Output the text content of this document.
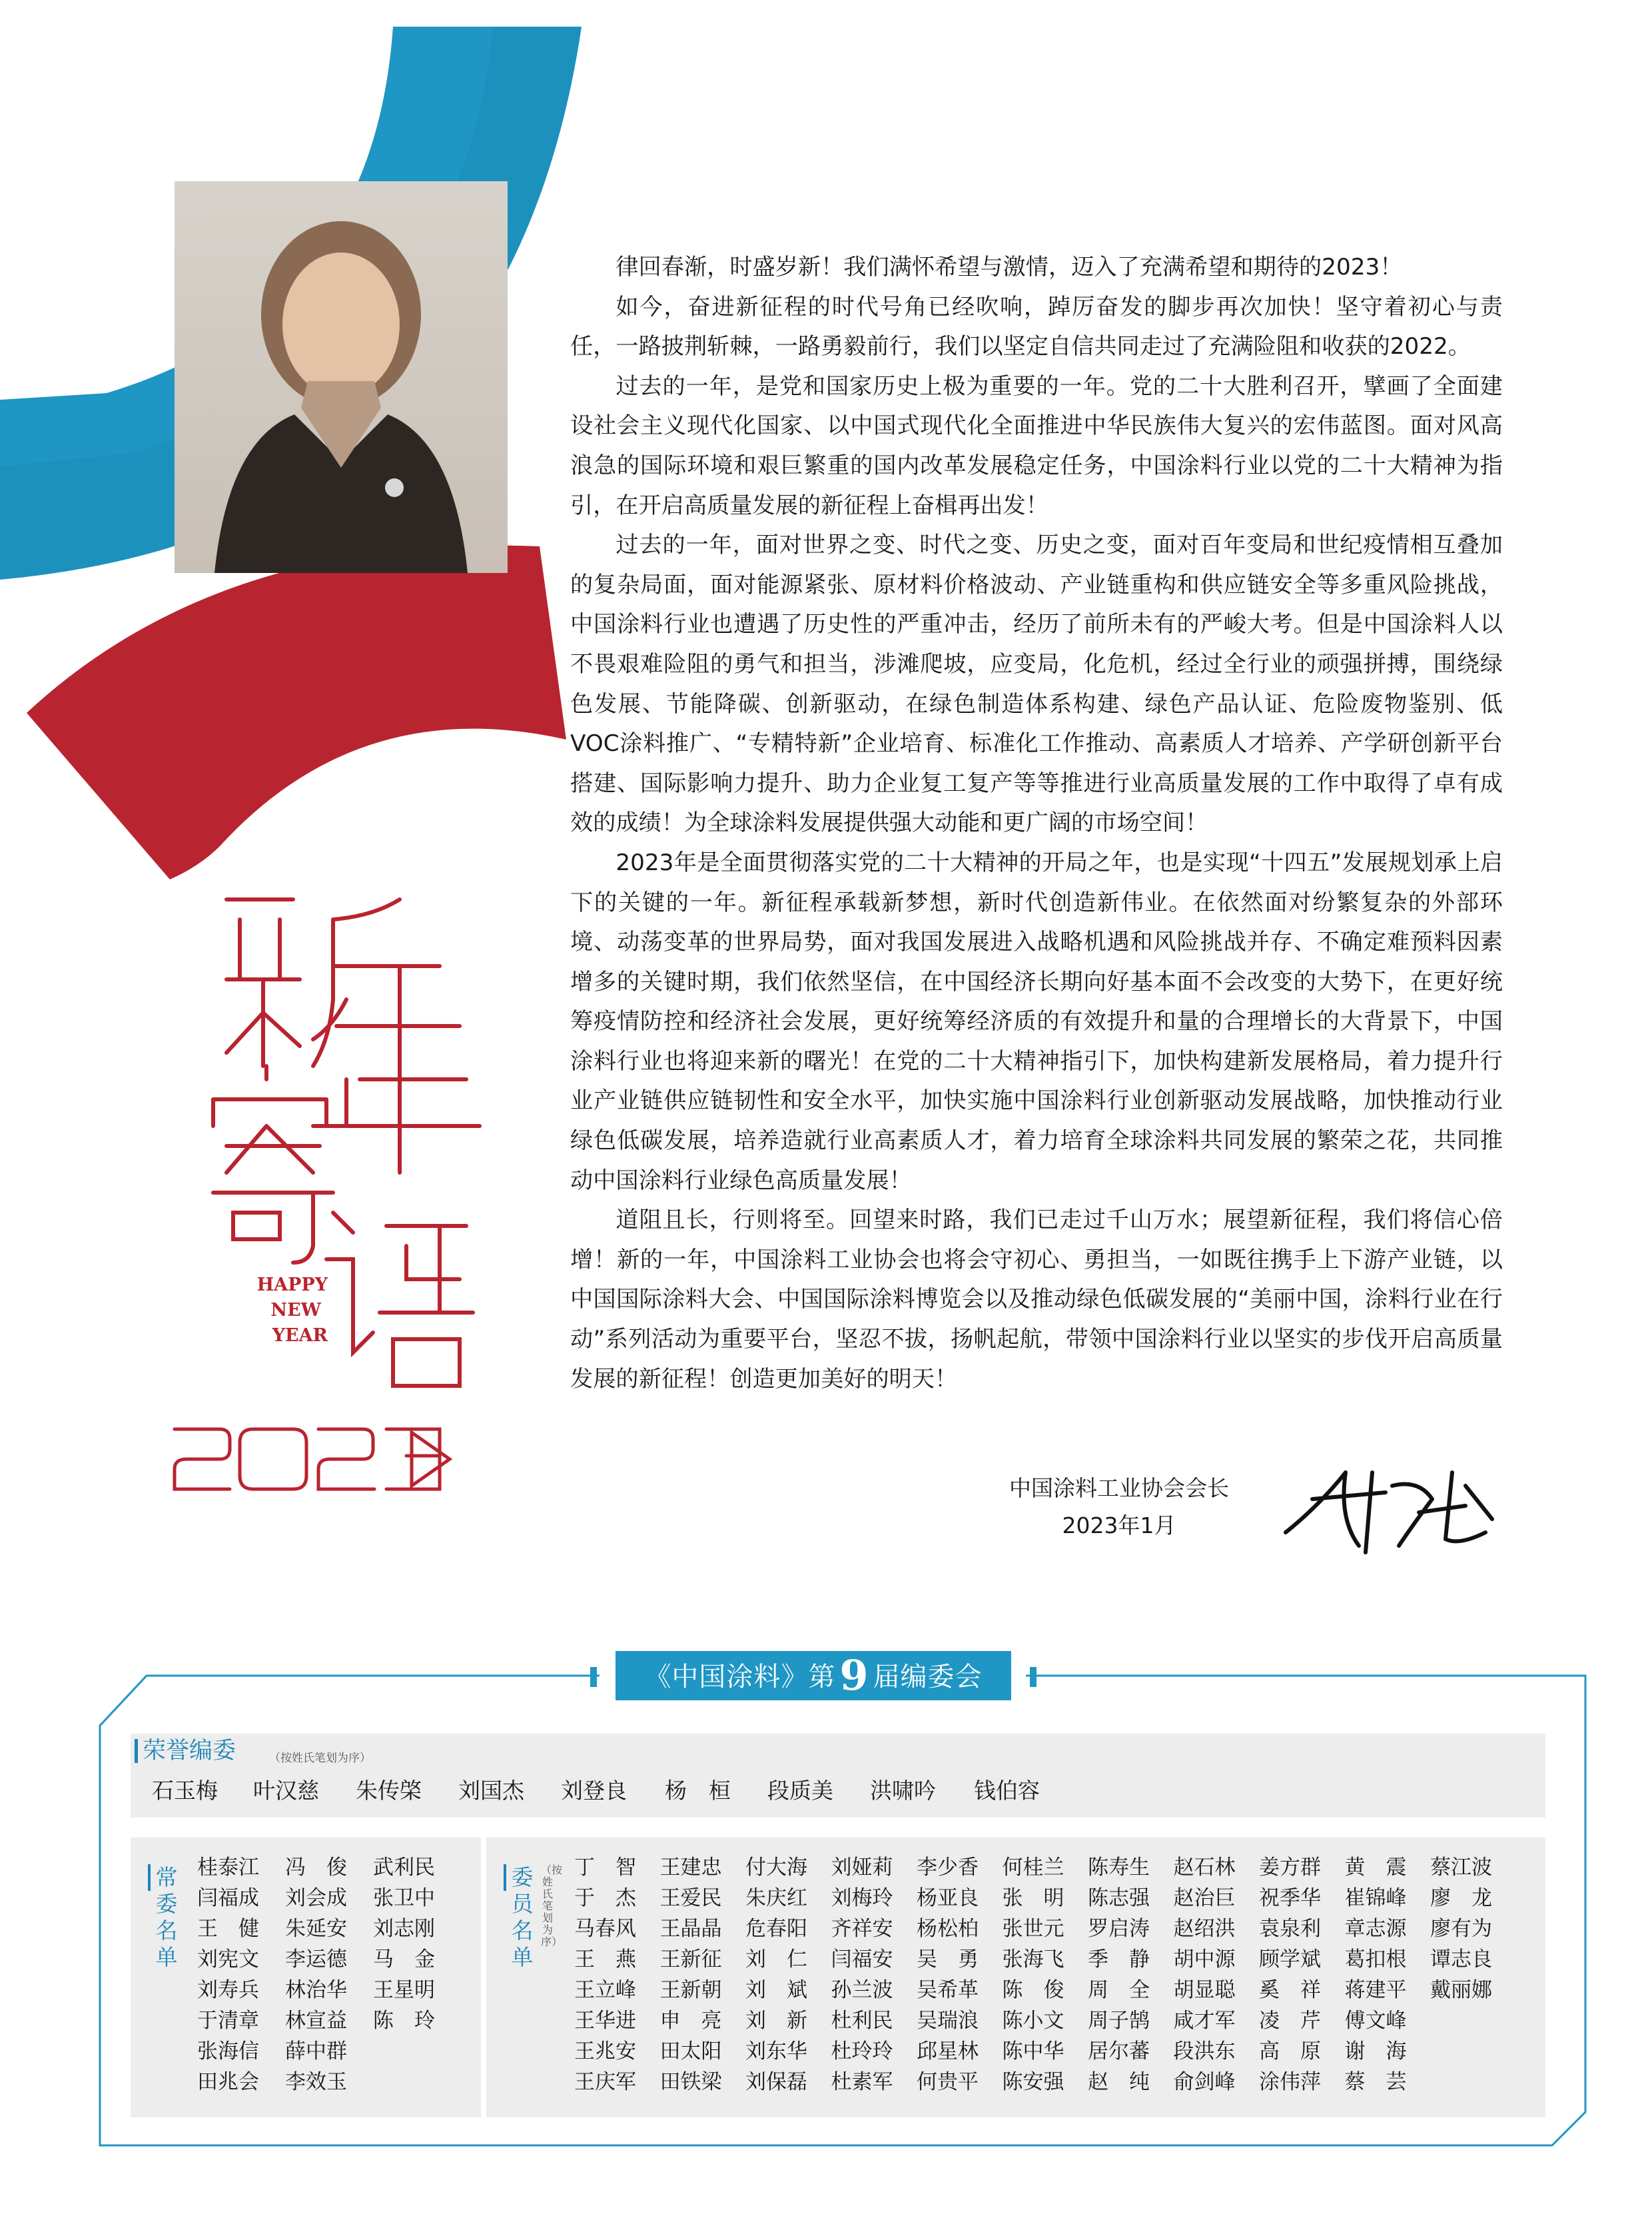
HAPPY
NEW
YEAR

律回春渐，时盛岁新！我们满怀希望与激情，迈入了充满希望和期待的2023！

如今，奋进新征程的时代号角已经吹响，踔厉奋发的脚步再次加快！坚守着初心与责任，一路披荆斩棘，一路勇毅前行，我们以坚定自信共同走过了充满险阻和收获的2022。

过去的一年，是党和国家历史上极为重要的一年。党的二十大胜利召开，擘画了全面建设社会主义现代化国家、以中国式现代化全面推进中华民族伟大复兴的宏伟蓝图。面对风高浪急的国际环境和艰巨繁重的国内改革发展稳定任务，中国涂料行业以党的二十大精神为指引，在开启高质量发展的新征程上奋楫再出发！

过去的一年，面对世界之变、时代之变、历史之变，面对百年变局和世纪疫情相互叠加的复杂局面，面对能源紧张、原材料价格波动、产业链重构和供应链安全等多重风险挑战，中国涂料行业也遭遇了历史性的严重冲击，经历了前所未有的严峻大考。但是中国涂料人以不畏艰难险阻的勇气和担当，涉滩爬坡，应变局，化危机，经过全行业的顽强拼搏，围绕绿色发展、节能降碳、创新驱动，在绿色制造体系构建、绿色产品认证、危险废物鉴别、低VOC涂料推广、“专精特新”企业培育、标准化工作推动、高素质人才培养、产学研创新平台搭建、国际影响力提升、助力企业复工复产等等推进行业高质量发展的工作中取得了卓有成效的成绩！为全球涂料发展提供强大动能和更广阔的市场空间！

2023年是全面贯彻落实党的二十大精神的开局之年，也是实现“十四五”发展规划承上启下的关键的一年。新征程承载新梦想，新时代创造新伟业。在依然面对纷繁复杂的外部环境、动荡变革的世界局势，面对我国发展进入战略机遇和风险挑战并存、不确定难预料因素增多的关键时期，我们依然坚信，在中国经济长期向好基本面不会改变的大势下，在更好统筹疫情防控和经济社会发展，更好统筹经济质的有效提升和量的合理增长的大背景下，中国涂料行业也将迎来新的曙光！在党的二十大精神指引下，加快构建新发展格局，着力提升行业产业链供应链韧性和安全水平，加快实施中国涂料行业创新驱动发展战略，加快推动行业绿色低碳发展，培养造就行业高素质人才，着力培育全球涂料共同发展的繁荣之花，共同推动中国涂料行业绿色高质量发展！

道阻且长，行则将至。回望来时路，我们已走过千山万水；展望新征程，我们将信心倍增！新的一年，中国涂料工业协会也将会守初心、勇担当，一如既往携手上下游产业链，以中国国际涂料大会、中国国际涂料博览会以及推动绿色低碳发展的“美丽中国，涂料行业在行动”系列活动为重要平台，坚忍不拔，扬帆起航，带领中国涂料行业以坚实的步伐开启高质量发展的新征程！创造更加美好的明天！

中国涂料工业协会会长
2023年1月
《中国涂料》第9 届编委会
荣誉编委	（按姓氏笔划为序）
石玉梅 叶汉慈 朱传棨 刘国杰 刘登良 杨　桓 段质美 洪啸吟 钱伯容
常委名单
委员名单
（按姓氏笔划为序）
桂泰江
闫福成
王　健
刘宪文
刘寿兵
于清章
张海信
田兆会
冯　俊
刘会成
朱延安
李运德
林治华
林宣益
薛中群
李效玉
武利民
张卫中
刘志刚
马　金
王星明
陈　玲
丁　智
于　杰
马春风
王　燕
王立峰
王华进
王兆安
王庆军
王建忠
王爱民
王晶晶
王新征
王新朝
申　亮
田太阳
田铁梁
付大海
朱庆红
危春阳
刘　仁
刘　斌
刘　新
刘东华
刘保磊
刘娅莉
刘梅玲
齐祥安
闫福安
孙兰波
杜利民
杜玲玲
杜素军
李少香
杨亚良
杨松柏
吴　勇
吴希革
吴瑞浪
邱星林
何贵平
何桂兰
张　明
张世元
张海飞
陈　俊
陈小文
陈中华
陈安强
陈寿生
陈志强
罗启涛
季　静
周　全
周子鹄
居尔蕃
赵　纯
赵石林
赵治巨
赵绍洪
胡中源
胡显聪
咸才军
段洪东
俞剑峰
姜方群
祝季华
袁泉利
顾学斌
奚　祥
凌　芹
高　原
涂伟萍
黄　震
崔锦峰
章志源
葛扣根
蒋建平
傅文峰
谢　海
蔡　芸
蔡江波
廖　龙
廖有为
谭志良
戴丽娜
